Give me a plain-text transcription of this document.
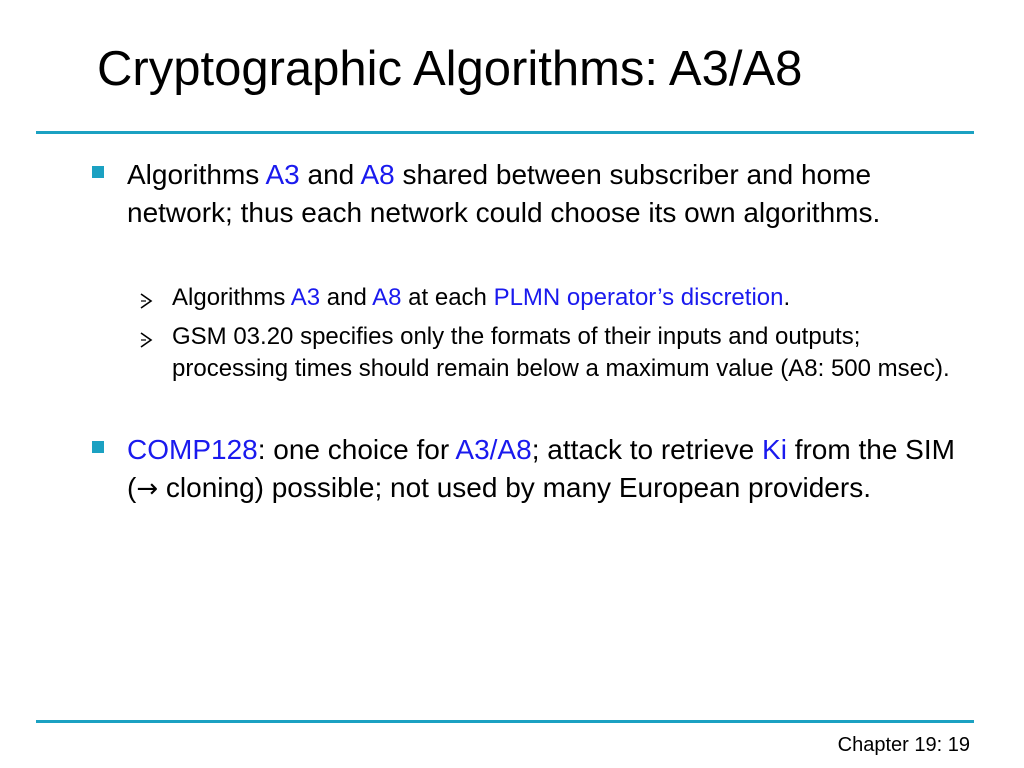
Cryptographic Algorithms: A3/A8
Algorithms A3 and A8 shared between subscriber and home network; thus each network could choose its own algorithms.
Algorithms A3 and A8 at each PLMN operator’s discretion.
GSM 03.20 specifies only the formats of their inputs and outputs; processing times should remain below a maximum value (A8: 500 msec).
COMP128: one choice for A3/A8; attack to retrieve Ki from the SIM (→ cloning) possible; not used by many European providers.
Chapter 19: 19
